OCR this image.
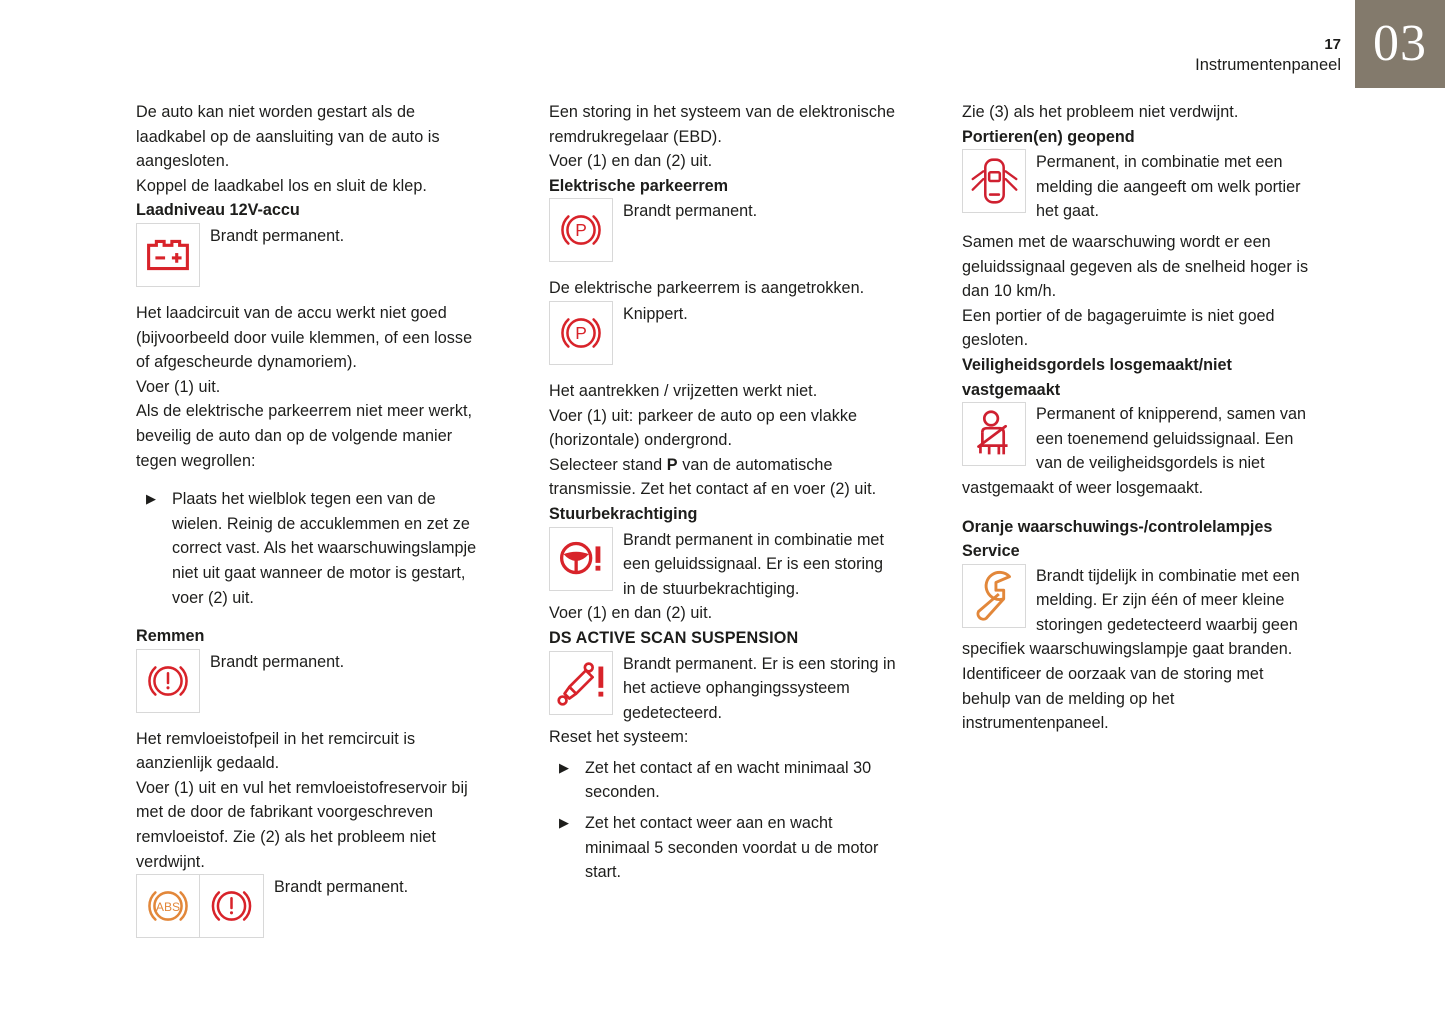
17
Instrumentenpaneel 03

De auto kan niet worden gestart als de laadkabel op de aansluiting van de auto is aangesloten.

Koppel de laadkabel los en sluit de klep.

Laadniveau 12V-accu
Brandt permanent.

Het laadcircuit van de accu werkt niet goed (bijvoorbeeld door vuile klemmen, of een losse of afgescheurde dynamoriem).

Voer (1) uit.

Als de elektrische parkeerrem niet meer werkt, beveilig de auto dan op de volgende manier tegen wegrollen:

▶ Plaats het wielblok tegen een van de wielen. Reinig de accuklemmen en zet ze correct vast. Als het waarschuwingslampje niet uit gaat wanneer de motor is gestart, voer (2) uit.
Remmen
Brandt permanent.

Het remvloeistofpeil in het remcircuit is aanzienlijk gedaald.

Voer (1) uit en vul het remvloeistofreservoir bij met de door de fabrikant voorgeschreven remvloeistof. Zie (2) als het probleem niet verdwijnt.

ABS
Brandt permanent.

Een storing in het systeem van de elektronische remdrukregelaar (EBD).

Voer (1) en dan (2) uit.

Elektrische parkeerrem
P
Brandt permanent.

De elektrische parkeerrem is aangetrokken.

P
Knippert.

Het aantrekken / vrijzetten werkt niet.

Voer (1) uit: parkeer de auto op een vlakke (horizontale) ondergrond.

Selecteer stand P van de automatische transmissie. Zet het contact af en voer (2) uit.

Stuurbekrachtiging
Brandt permanent in combinatie met een geluidssignaal. Er is een storing in de stuurbekrachtiging.

Voer (1) en dan (2) uit.

DS ACTIVE SCAN SUSPENSION
Brandt permanent. Er is een storing in het actieve ophangingssysteem gedetecteerd.

Reset het systeem:

▶ Zet het contact af en wacht minimaal 30 seconden.
▶ Zet het contact weer aan en wacht minimaal 5 seconden voordat u de motor start.

Zie (3) als het probleem niet verdwijnt.

Portieren(en) geopend
Permanent, in combinatie met een melding die aangeeft om welk portier het gaat.

Samen met de waarschuwing wordt er een geluidssignaal gegeven als de snelheid hoger is dan 10 km/h.

Een portier of de bagageruimte is niet goed gesloten.

Veiligheidsgordels losgemaakt/niet vastgemaakt
Permanent of knipperend, samen van een toenemend geluidssignaal. Een van de veiligheidsgordels is niet vastgemaakt of weer losgemaakt.
Oranje waarschuwings-/controlelampjes
Service
Brandt tijdelijk in combinatie met een melding. Er zijn één of meer kleine storingen gedetecteerd waarbij geen specifiek waarschuwingslampje gaat branden. Identificeer de oorzaak van de storing met behulp van de melding op het instrumentenpaneel.
